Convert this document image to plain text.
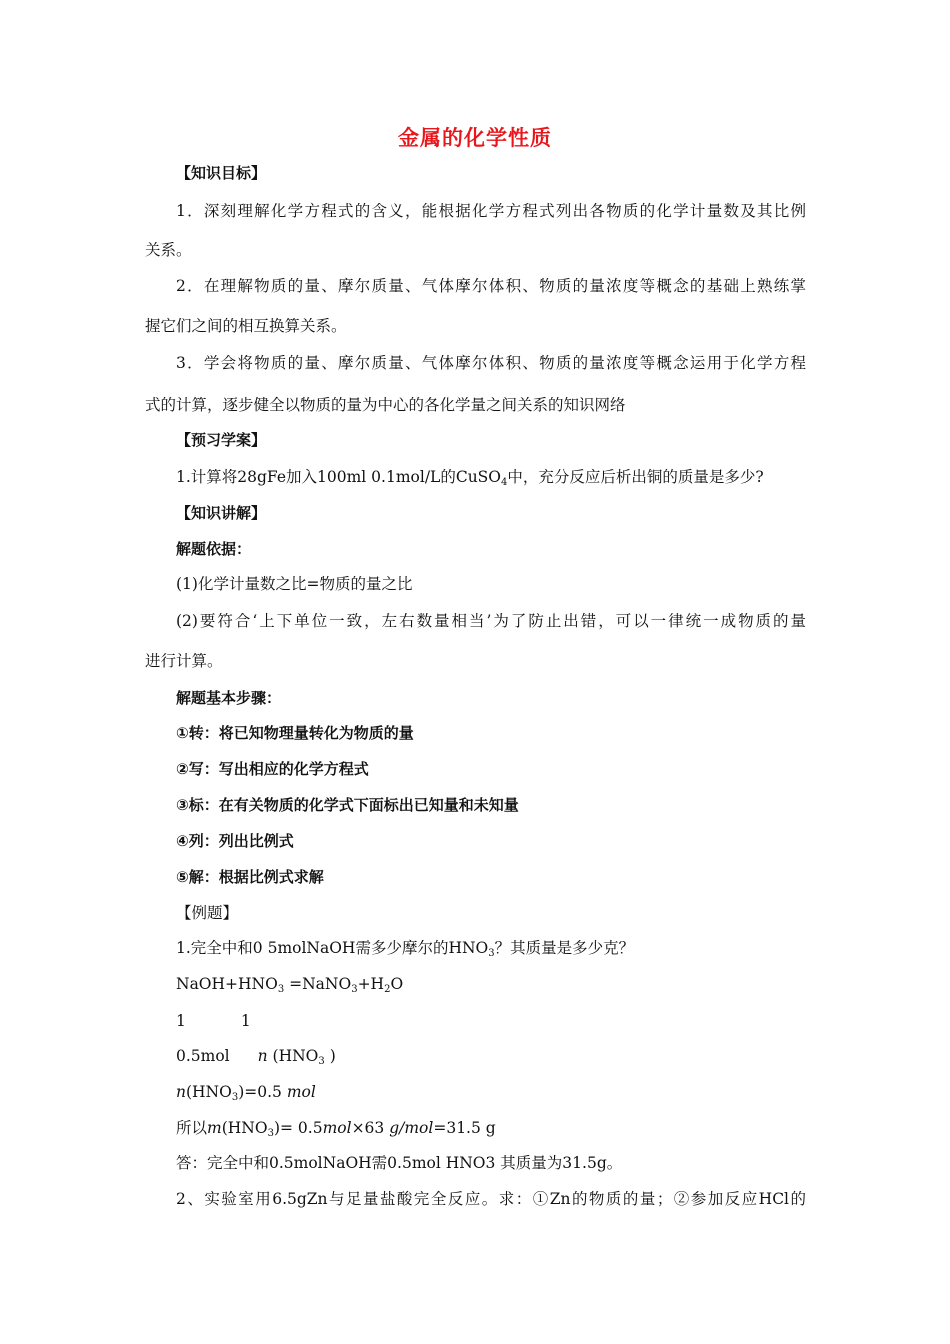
金属的化学性质
【知识目标】
1．深刻理解化学方程式的含义，能根据化学方程式列出各物质的化学计量数及其比例
关系。
2．在理解物质的量、摩尔质量、气体摩尔体积、物质的量浓度等概念的基础上熟练掌
握它们之间的相互换算关系。
3．学会将物质的量、摩尔质量、气体摩尔体积、物质的量浓度等概念运用于化学方程
式的计算，逐步健全以物质的量为中心的各化学量之间关系的知识网络
【预习学案】
1.计算将28gFe加入100ml 0.1mol/L的CuSO$_4$中，充分反应后析出铜的质量是多少?
【知识讲解】
解题依据：
(1)化学计量数之比=物质的量之比
(2)要符合‘上下单位一致，左右数量相当’为了防止出错，可以一律统一成物质的量
进行计算。
解题基本步骤：
①转：将已知物理量转化为物质的量
②写：写出相应的化学方程式
③标：在有关物质的化学式下面标出已知量和未知量
④列：列出比例式
⑤解：根据比例式求解
【例题】
1.完全中和0 5molNaOH需多少摩尔的$HNO_3$？其质量是多少克？
$NaOH+HNO_3$ $=NaNO_3+H_2O$
1	1
0.5mol n ($HNO_3$ )
$n(HNO_3)=0.5$ mol
所以$m(HNO_3)= 0.5mol\times 63$ g/mol=31.5 g
答：完全中和0.5molNaOH需0.5mol HNO3 其质量为31.5g。
2、实验室用6.5gZn与足量盐酸完全反应。求：①Zn的物质的量；②参加反应HCl的
